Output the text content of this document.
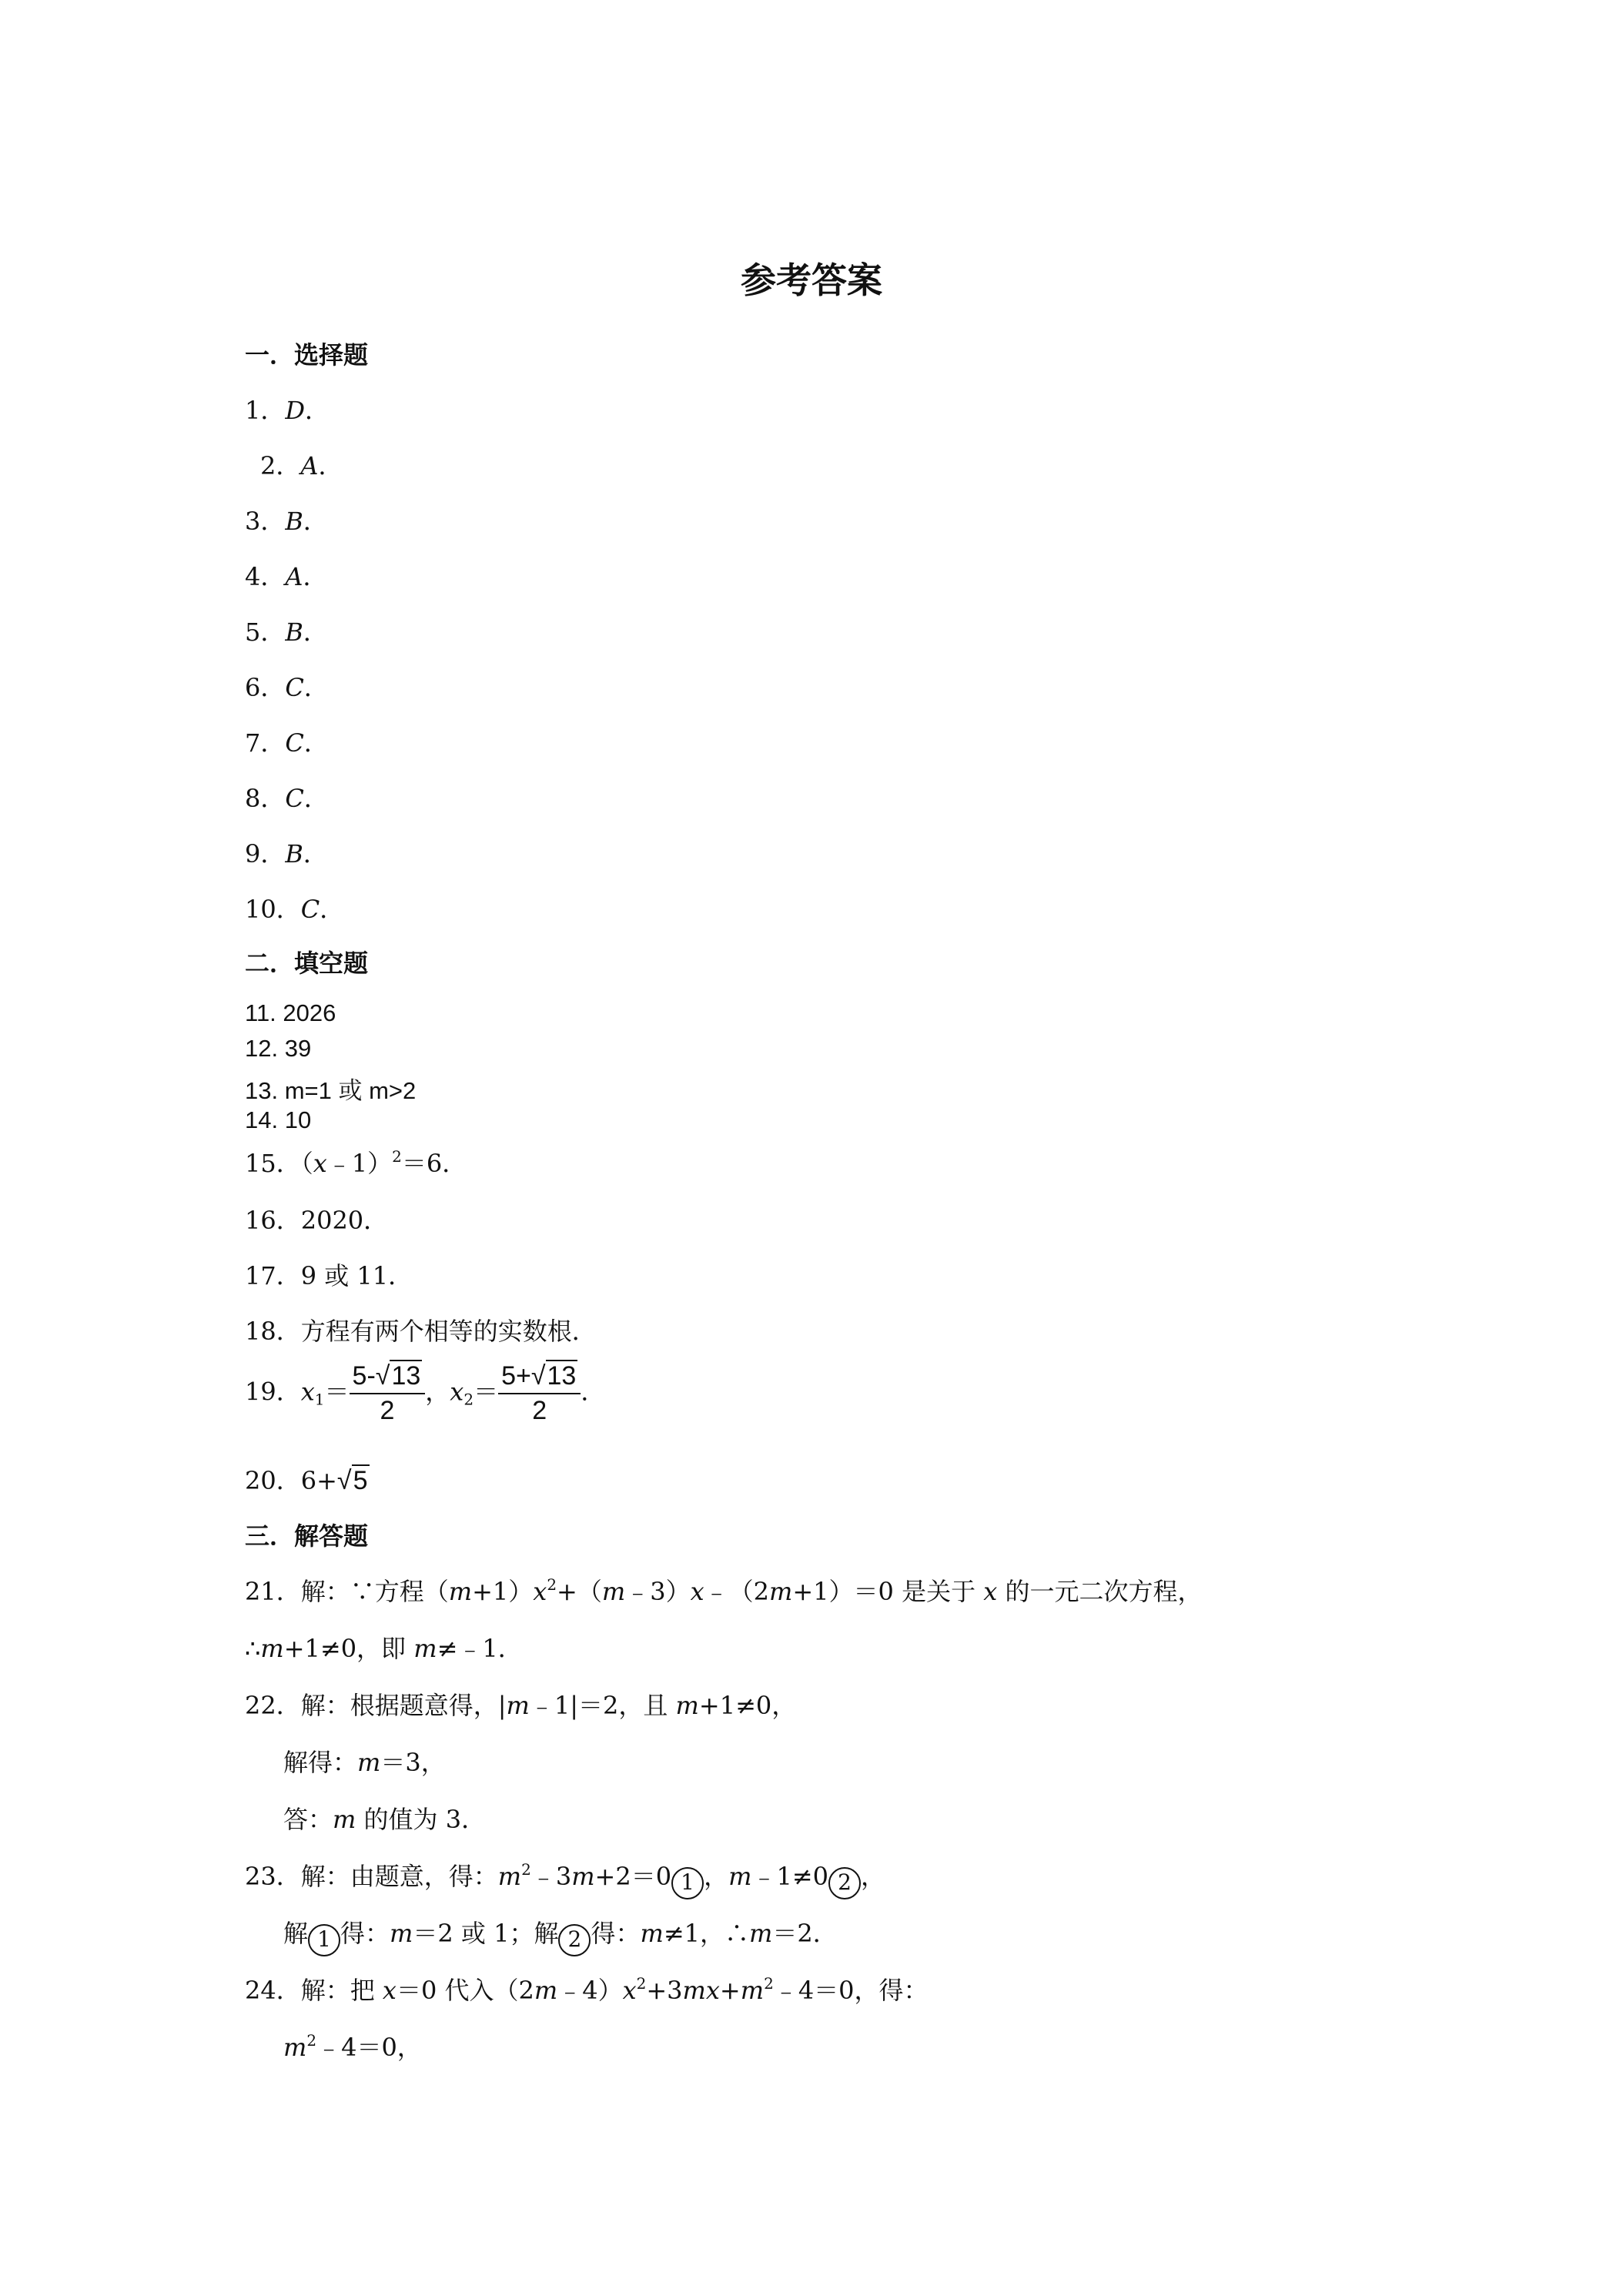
参考答案
一．选择题
1．D．
2．A．
3．B．
4．A．
5．B．
6．C．
7．C．
8．C．
9．B．
10．C．
二．填空题
11. 2026
12. 39
13. m=1 或 m>2
14. 10
15．（x﹣1）$^2$＝6．
16．2020．
17．9 或 11．
18．方程有两个相等的实数根．
19．$x_1= \frac{5-√13}{2}$ ，$x_2= \frac{5+√13}{2}$ ．
20．6+√5
三．解答题
21．解：∵方程$(m+1)x^2+(m﹣3)x﹣(2m+1)=0$ 是关于 x 的一元二次方程，
∴m+1≠0，即 m≠﹣1．
22．解：根据题意得，|m﹣1|＝2，且 m+1≠0，
解得：m＝3，
答：m 的值为 3．
23．解：由题意，得：$m^2﹣3m+2=0$ 1 ，m﹣1≠0 2 ，
解 1 得：m＝2 或 1；解 2 得：m≠1，∴m＝2．
24．解：把 x＝0 代入$(2m﹣4)x^2+3mx+m^2﹣4=0$，得：
$m^2﹣4=0$，
